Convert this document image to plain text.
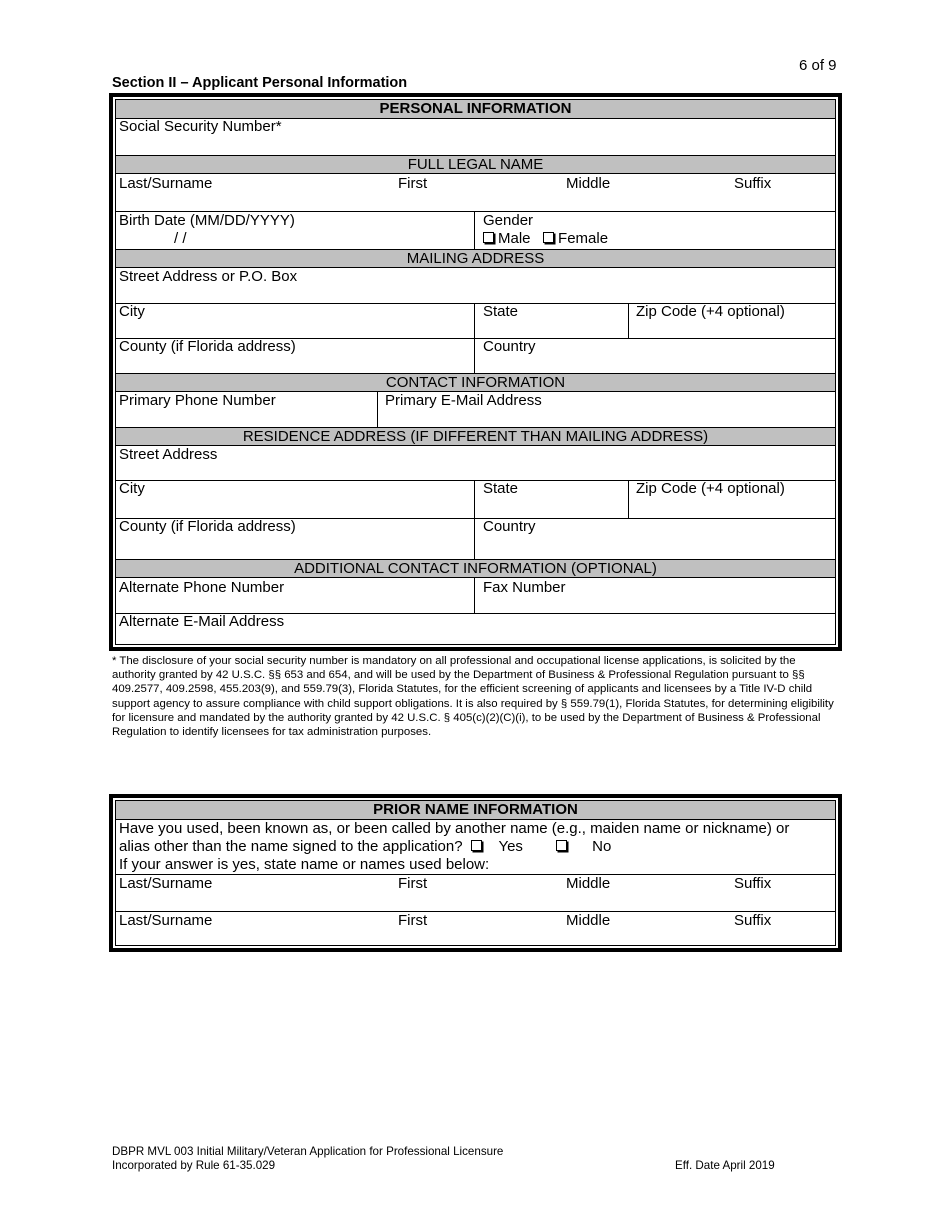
6 of 9
Section II – Applicant Personal Information
PERSONAL INFORMATION
Social Security Number*
FULL LEGAL NAME
Last/Surname	First	Middle	Suffix
Birth Date (MM/DD/YYYY)
/ /
Gender
Male Female
MAILING ADDRESS
Street Address or P.O. Box
City	State	Zip Code (+4 optional)
County (if Florida address)	Country
CONTACT INFORMATION
Primary Phone Number	Primary E-Mail Address
RESIDENCE ADDRESS (IF DIFFERENT THAN MAILING ADDRESS)
Street Address
City	State	Zip Code (+4 optional)
County (if Florida address)	Country
ADDITIONAL CONTACT INFORMATION (OPTIONAL)
Alternate Phone Number	Fax Number
Alternate E-Mail Address
* The disclosure of your social security number is mandatory on all professional and occupational license applications, is solicited by the authority granted by 42 U.S.C. §§ 653 and 654, and will be used by the Department of Business & Professional Regulation pursuant to §§ 409.2577, 409.2598, 455.203(9), and 559.79(3), Florida Statutes, for the efficient screening of applicants and licensees by a Title IV-D child support agency to assure compliance with child support obligations. It is also required by § 559.79(1), Florida Statutes, for determining eligibility for licensure and mandated by the authority granted by 42 U.S.C. § 405(c)(2)(C)(i), to be used by the Department of Business & Professional Regulation to identify licensees for tax administration purposes.
PRIOR NAME INFORMATION
Have you used, been known as, or been called by another name (e.g., maiden name or nickname) or
alias other than the name signed to the application? Yes	No
If your answer is yes, state name or names used below:
Last/Surname	First	Middle	Suffix
Last/Surname	First	Middle	Suffix
DBPR MVL 003 Initial Military/Veteran Application for Professional Licensure
Incorporated by Rule 61-35.029	Eff. Date April 2019
